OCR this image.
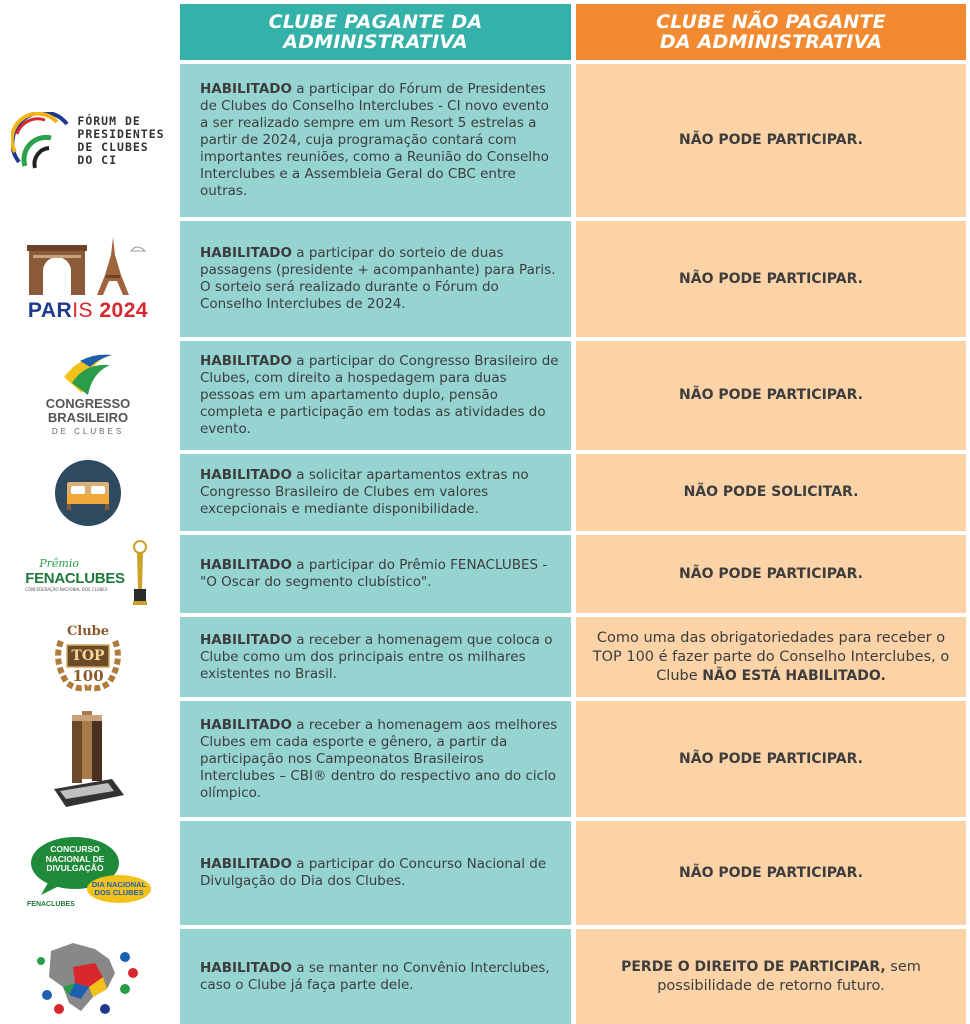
CLUBE PAGANTE DA ADMINISTRATIVA
CLUBE NÃO PAGANTE DA ADMINISTRATIVA
FÓRUM DE
PRESIDENTES
DE CLUBES
DO CI
HABILITADO a participar do Fórum de Presidentes de Clubes do Conselho Interclubes - CI novo evento a ser realizado sempre em um Resort 5 estrelas a partir de 2024, cuja programação contará com importantes reuniões, como a Reunião do Conselho Interclubes e a Assembleia Geral do CBC entre outras.
NÃO PODE PARTICIPAR.
PARIS 2024
HABILITADO a participar do sorteio de duas passagens (presidente + acompanhante) para Paris. O sorteio será realizado durante o Fórum do Conselho Interclubes de 2024.
NÃO PODE PARTICIPAR.
CONGRESSO
BRASILEIRO
DE CLUBES
HABILITADO a participar do Congresso Brasileiro de Clubes, com direito a hospedagem para duas pessoas em um apartamento duplo, pensão completa e participação em todas as atividades do evento.
NÃO PODE PARTICIPAR.
HABILITADO a solicitar apartamentos extras no Congresso Brasileiro de Clubes em valores excepcionais e mediante disponibilidade.
NÃO PODE SOLICITAR.
Prêmio
FENACLUBES
CONFEDERAÇÃO NACIONAL DOS CLUBES
HABILITADO a participar do Prêmio FENACLUBES - "O Oscar do segmento clubístico".
NÃO PODE PARTICIPAR.
Clube
TOP
100
HABILITADO a receber a homenagem que coloca o Clube como um dos principais entre os milhares existentes no Brasil.
Como uma das obrigatoriedades para receber o TOP 100 é fazer parte do Conselho Interclubes, o Clube NÃO ESTÁ HABILITADO.
HABILITADO a receber a homenagem aos melhores Clubes em cada esporte e gênero, a partir da participação nos Campeonatos Brasileiros Interclubes – CBI® dentro do respectivo ano do ciclo olímpico.
NÃO PODE PARTICIPAR.
CONCURSO
NACIONAL DE
DIVULGAÇÃO
DIA NACIONAL
DOS CLUBES
FENACLUBES
HABILITADO a participar do Concurso Nacional de Divulgação do Dia dos Clubes.
NÃO PODE PARTICIPAR.
HABILITADO a se manter no Convênio Interclubes, caso o Clube já faça parte dele.
PERDE O DIREITO DE PARTICIPAR, sem possibilidade de retorno futuro.
